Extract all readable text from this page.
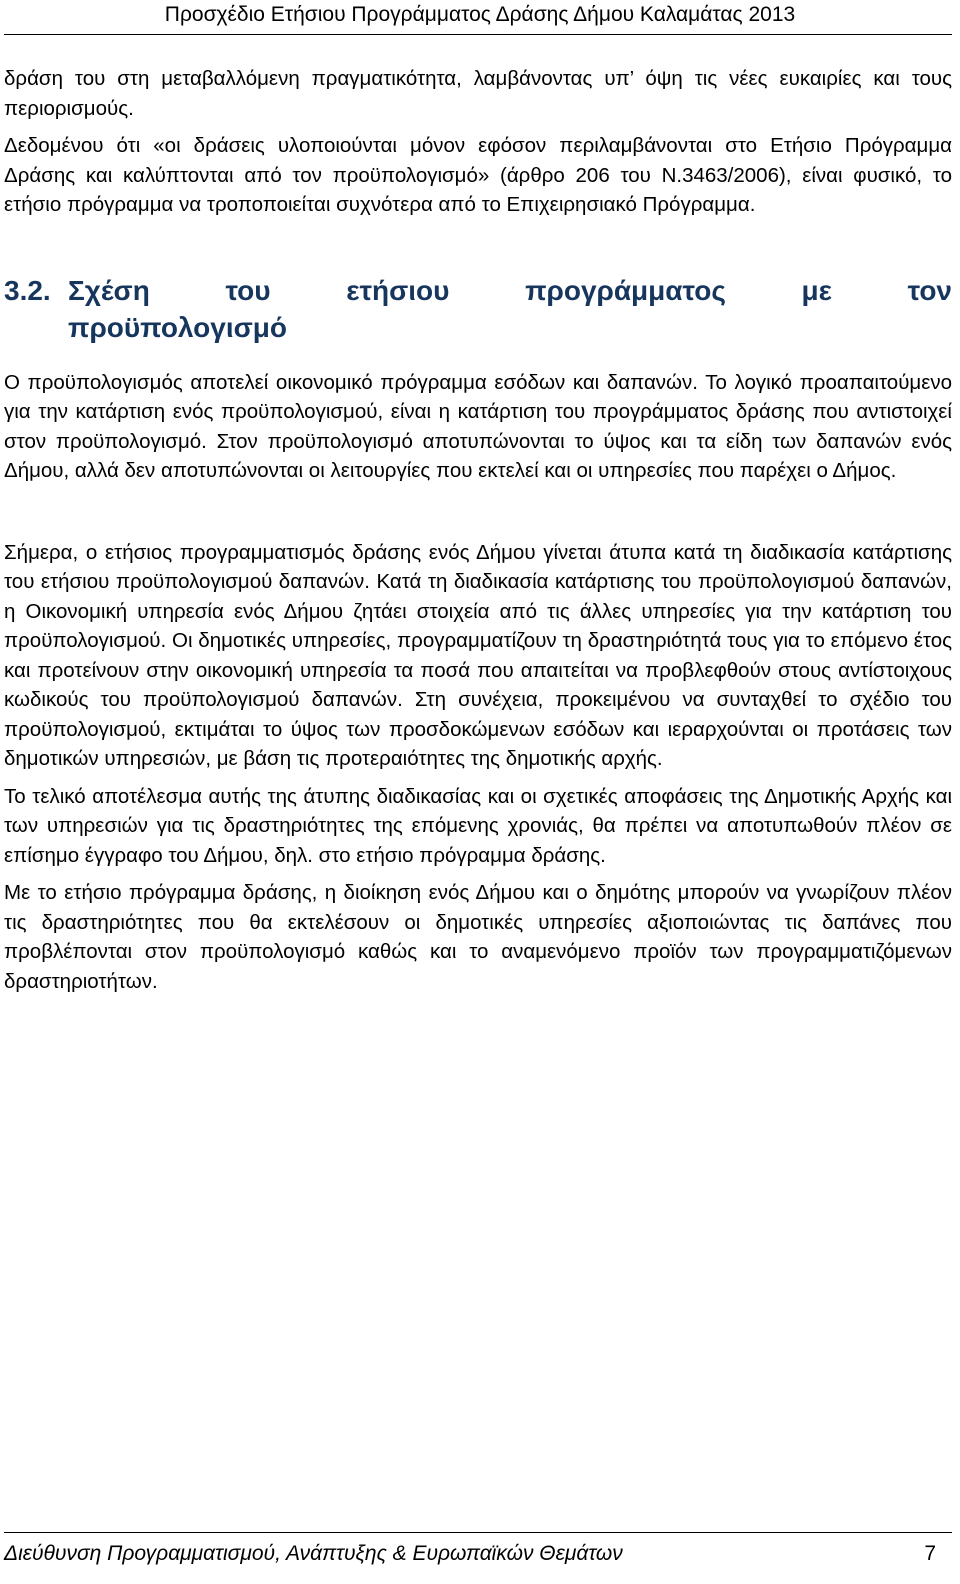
Προσχέδιο Ετήσιου Προγράμματος Δράσης Δήμου Καλαμάτας 2013

δράση του στη μεταβαλλόμενη πραγματικότητα, λαμβάνοντας υπ’ όψη τις νέες ευκαιρίες και τους περιορισμούς.

Δεδομένου ότι «οι δράσεις υλοποιούνται μόνον εφόσον περιλαμβάνονται στο Ετήσιο Πρόγραμμα Δράσης και καλύπτονται από τον προϋπολογισμό» (άρθρο 206 του Ν.3463/2006), είναι φυσικό, το ετήσιο πρόγραμμα να τροποποιείται συχνότερα από το Επιχειρησιακό Πρόγραμμα.

3.2. Σχέση του ετήσιου προγράμματος με τον
προϋπολογισμό

Ο προϋπολογισμός αποτελεί οικονομικό πρόγραμμα εσόδων και δαπανών. Το λογικό προαπαιτούμενο για την κατάρτιση ενός προϋπολογισμού, είναι η κατάρτιση του προγράμματος δράσης που αντιστοιχεί στον προϋπολογισμό. Στον προϋπολογισμό αποτυπώνονται το ύψος και τα είδη των δαπανών ενός Δήμου, αλλά δεν αποτυπώνονται οι λειτουργίες που εκτελεί και οι υπηρεσίες που παρέχει ο Δήμος.

Σήμερα, ο ετήσιος προγραμματισμός δράσης ενός Δήμου γίνεται άτυπα κατά τη διαδικασία κατάρτισης του ετήσιου προϋπολογισμού δαπανών. Κατά τη διαδικασία κατάρτισης του προϋπολογισμού δαπανών, η Οικονομική υπηρεσία ενός Δήμου ζητάει στοιχεία από τις άλλες υπηρεσίες για την κατάρτιση του προϋπολογισμού. Οι δημοτικές υπηρεσίες, προγραμματίζουν τη δραστηριότητά τους για το επόμενο έτος και προτείνουν στην οικονομική υπηρεσία τα ποσά που απαιτείται να προβλεφθούν στους αντίστοιχους κωδικούς του προϋπολογισμού δαπανών. Στη συνέχεια, προκειμένου να συνταχθεί το σχέδιο του προϋπολογισμού, εκτιμάται το ύψος των προσδοκώμενων εσόδων και ιεραρχούνται οι προτάσεις των δημοτικών υπηρεσιών, με βάση τις προτεραιότητες της δημοτικής αρχής.

Το τελικό αποτέλεσμα αυτής της άτυπης διαδικασίας και οι σχετικές αποφάσεις της Δημοτικής Αρχής και των υπηρεσιών για τις δραστηριότητες της επόμενης χρονιάς, θα πρέπει να αποτυπωθούν πλέον σε επίσημο έγγραφο του Δήμου, δηλ. στο ετήσιο πρόγραμμα δράσης.

Με το ετήσιο πρόγραμμα δράσης, η διοίκηση ενός Δήμου και ο δημότης μπορούν να γνωρίζουν πλέον τις δραστηριότητες που θα εκτελέσουν οι δημοτικές υπηρεσίες αξιοποιώντας τις δαπάνες που προβλέπονται στον προϋπολογισμό καθώς και το αναμενόμενο προϊόν των προγραμματιζόμενων δραστηριοτήτων.

Διεύθυνση Προγραμματισμού, Ανάπτυξης & Ευρωπαϊκών Θεμάτων	7
